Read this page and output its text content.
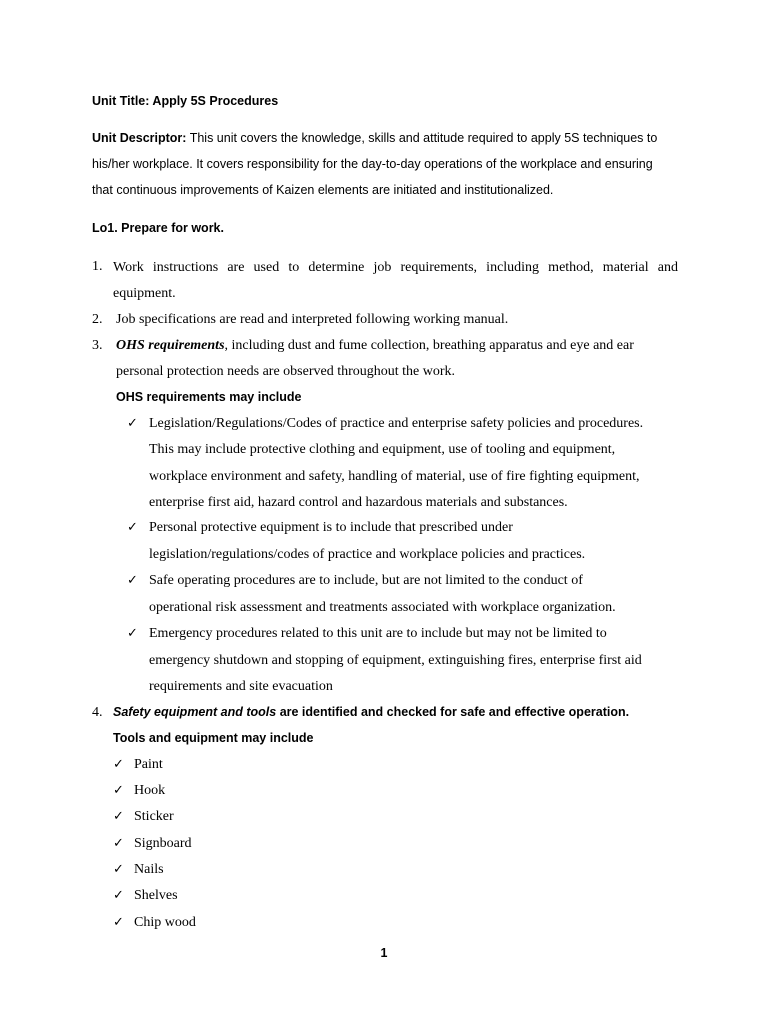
Unit Title: Apply 5S Procedures
Unit Descriptor: This unit covers the knowledge, skills and attitude required to apply 5S techniques to
his/her workplace. It covers responsibility for the day-to-day operations of the workplace and ensuring
that continuous improvements of Kaizen elements are initiated and institutionalized.
Lo1. Prepare for work.
1. Work instructions are used to determine job requirements, including method, material and
equipment.
2. Job specifications are read and interpreted following working manual.
3. OHS requirements, including dust and fume collection, breathing apparatus and eye and ear
personal protection needs are observed throughout the work.
OHS requirements may include
✓ Legislation/Regulations/Codes of practice and enterprise safety policies and procedures.
This may include protective clothing and equipment, use of tooling and equipment,
workplace environment and safety, handling of material, use of fire fighting equipment,
enterprise first aid, hazard control and hazardous materials and substances.
✓ Personal protective equipment is to include that prescribed under
legislation/regulations/codes of practice and workplace policies and practices.
✓ Safe operating procedures are to include, but are not limited to the conduct of
operational risk assessment and treatments associated with workplace organization.
✓ Emergency procedures related to this unit are to include but may not be limited to
emergency shutdown and stopping of equipment, extinguishing fires, enterprise first aid
requirements and site evacuation
4. Safety equipment and tools are identified and checked for safe and effective operation.
Tools and equipment may include
✓ Paint
✓ Hook
✓ Sticker
✓ Signboard
✓ Nails
✓ Shelves
✓ Chip wood
1
